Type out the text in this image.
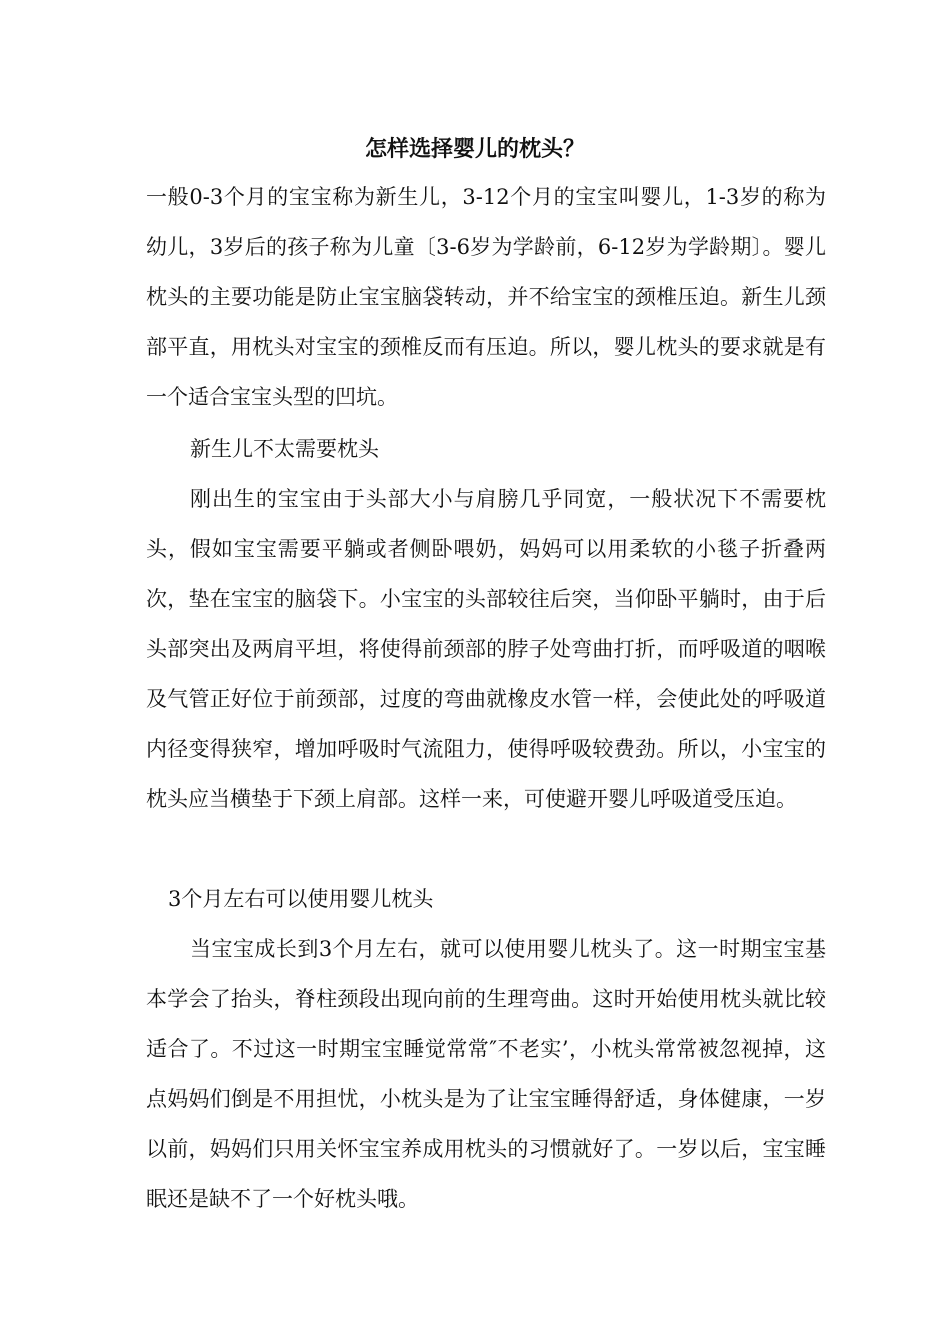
怎样选择婴儿的枕头？

一般0-3个月的宝宝称为新生儿，3-12个月的宝宝叫婴儿，1-3岁的称为幼儿，3岁后的孩子称为儿童〔3-6岁为学龄前，6-12岁为学龄期〕。婴儿枕头的主要功能是防止宝宝脑袋转动，并不给宝宝的颈椎压迫。新生儿颈部平直，用枕头对宝宝的颈椎反而有压迫。所以，婴儿枕头的要求就是有一个适合宝宝头型的凹坑。

新生儿不太需要枕头

刚出生的宝宝由于头部大小与肩膀几乎同宽，一般状况下不需要枕头，假如宝宝需要平躺或者侧卧喂奶，妈妈可以用柔软的小毯子折叠两次，垫在宝宝的脑袋下。小宝宝的头部较往后突，当仰卧平躺时，由于后头部突出及两肩平坦，将使得前颈部的脖子处弯曲打折，而呼吸道的咽喉及气管正好位于前颈部，过度的弯曲就橡皮水管一样，会使此处的呼吸道内径变得狭窄，增加呼吸时气流阻力，使得呼吸较费劲。所以，小宝宝的枕头应当横垫于下颈上肩部。这样一来，可使避开婴儿呼吸道受压迫。

3个月左右可以使用婴儿枕头

当宝宝成长到3个月左右，就可以使用婴儿枕头了。这一时期宝宝基本学会了抬头，脊柱颈段出现向前的生理弯曲。这时开始使用枕头就比较适合了。不过这一时期宝宝睡觉常常″不老实’，小枕头常常被忽视掉，这点妈妈们倒是不用担忧，小枕头是为了让宝宝睡得舒适，身体健康，一岁以前，妈妈们只用关怀宝宝养成用枕头的习惯就好了。一岁以后，宝宝睡眠还是缺不了一个好枕头哦。
